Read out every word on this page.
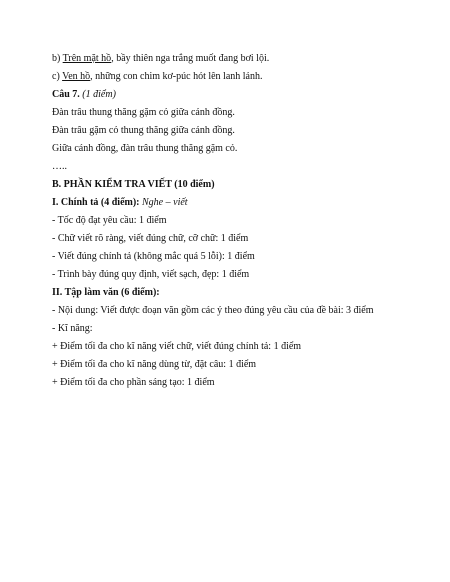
b) Trên mặt hồ, bầy thiên nga trắng muốt đang bơi lội.
c) Ven hồ, những con chim kơ-púc hót lên lanh lảnh.
Câu 7. (1 điểm)
Đàn trâu thung thăng gặm cỏ giữa cánh đồng.
Đàn trâu gặm cỏ thung thăng giữa cánh đồng.
Giữa cánh đồng, đàn trâu thung thăng gặm cỏ.
…..
B. PHẦN KIỂM TRA VIẾT (10 điểm)
I. Chính tả (4 điểm): Nghe – viết
- Tốc độ đạt yêu cầu: 1 điểm
- Chữ viết rõ ràng, viết đúng chữ, cỡ chữ: 1 điểm
- Viết đúng chính tả (không mắc quá 5 lỗi): 1 điểm
- Trình bày đúng quy định, viết sạch, đẹp: 1 điểm
II. Tập làm văn (6 điểm):
- Nội dung: Viết được đoạn văn gồm các ý theo đúng yêu cầu của đề bài: 3 điểm
- Kĩ năng:
+ Điểm tối đa cho kĩ năng viết chữ, viết đúng chính tả: 1 điểm
+ Điểm tối đa cho kĩ năng dùng từ, đặt câu: 1 điểm
+ Điểm tối đa cho phần sáng tạo: 1 điểm
